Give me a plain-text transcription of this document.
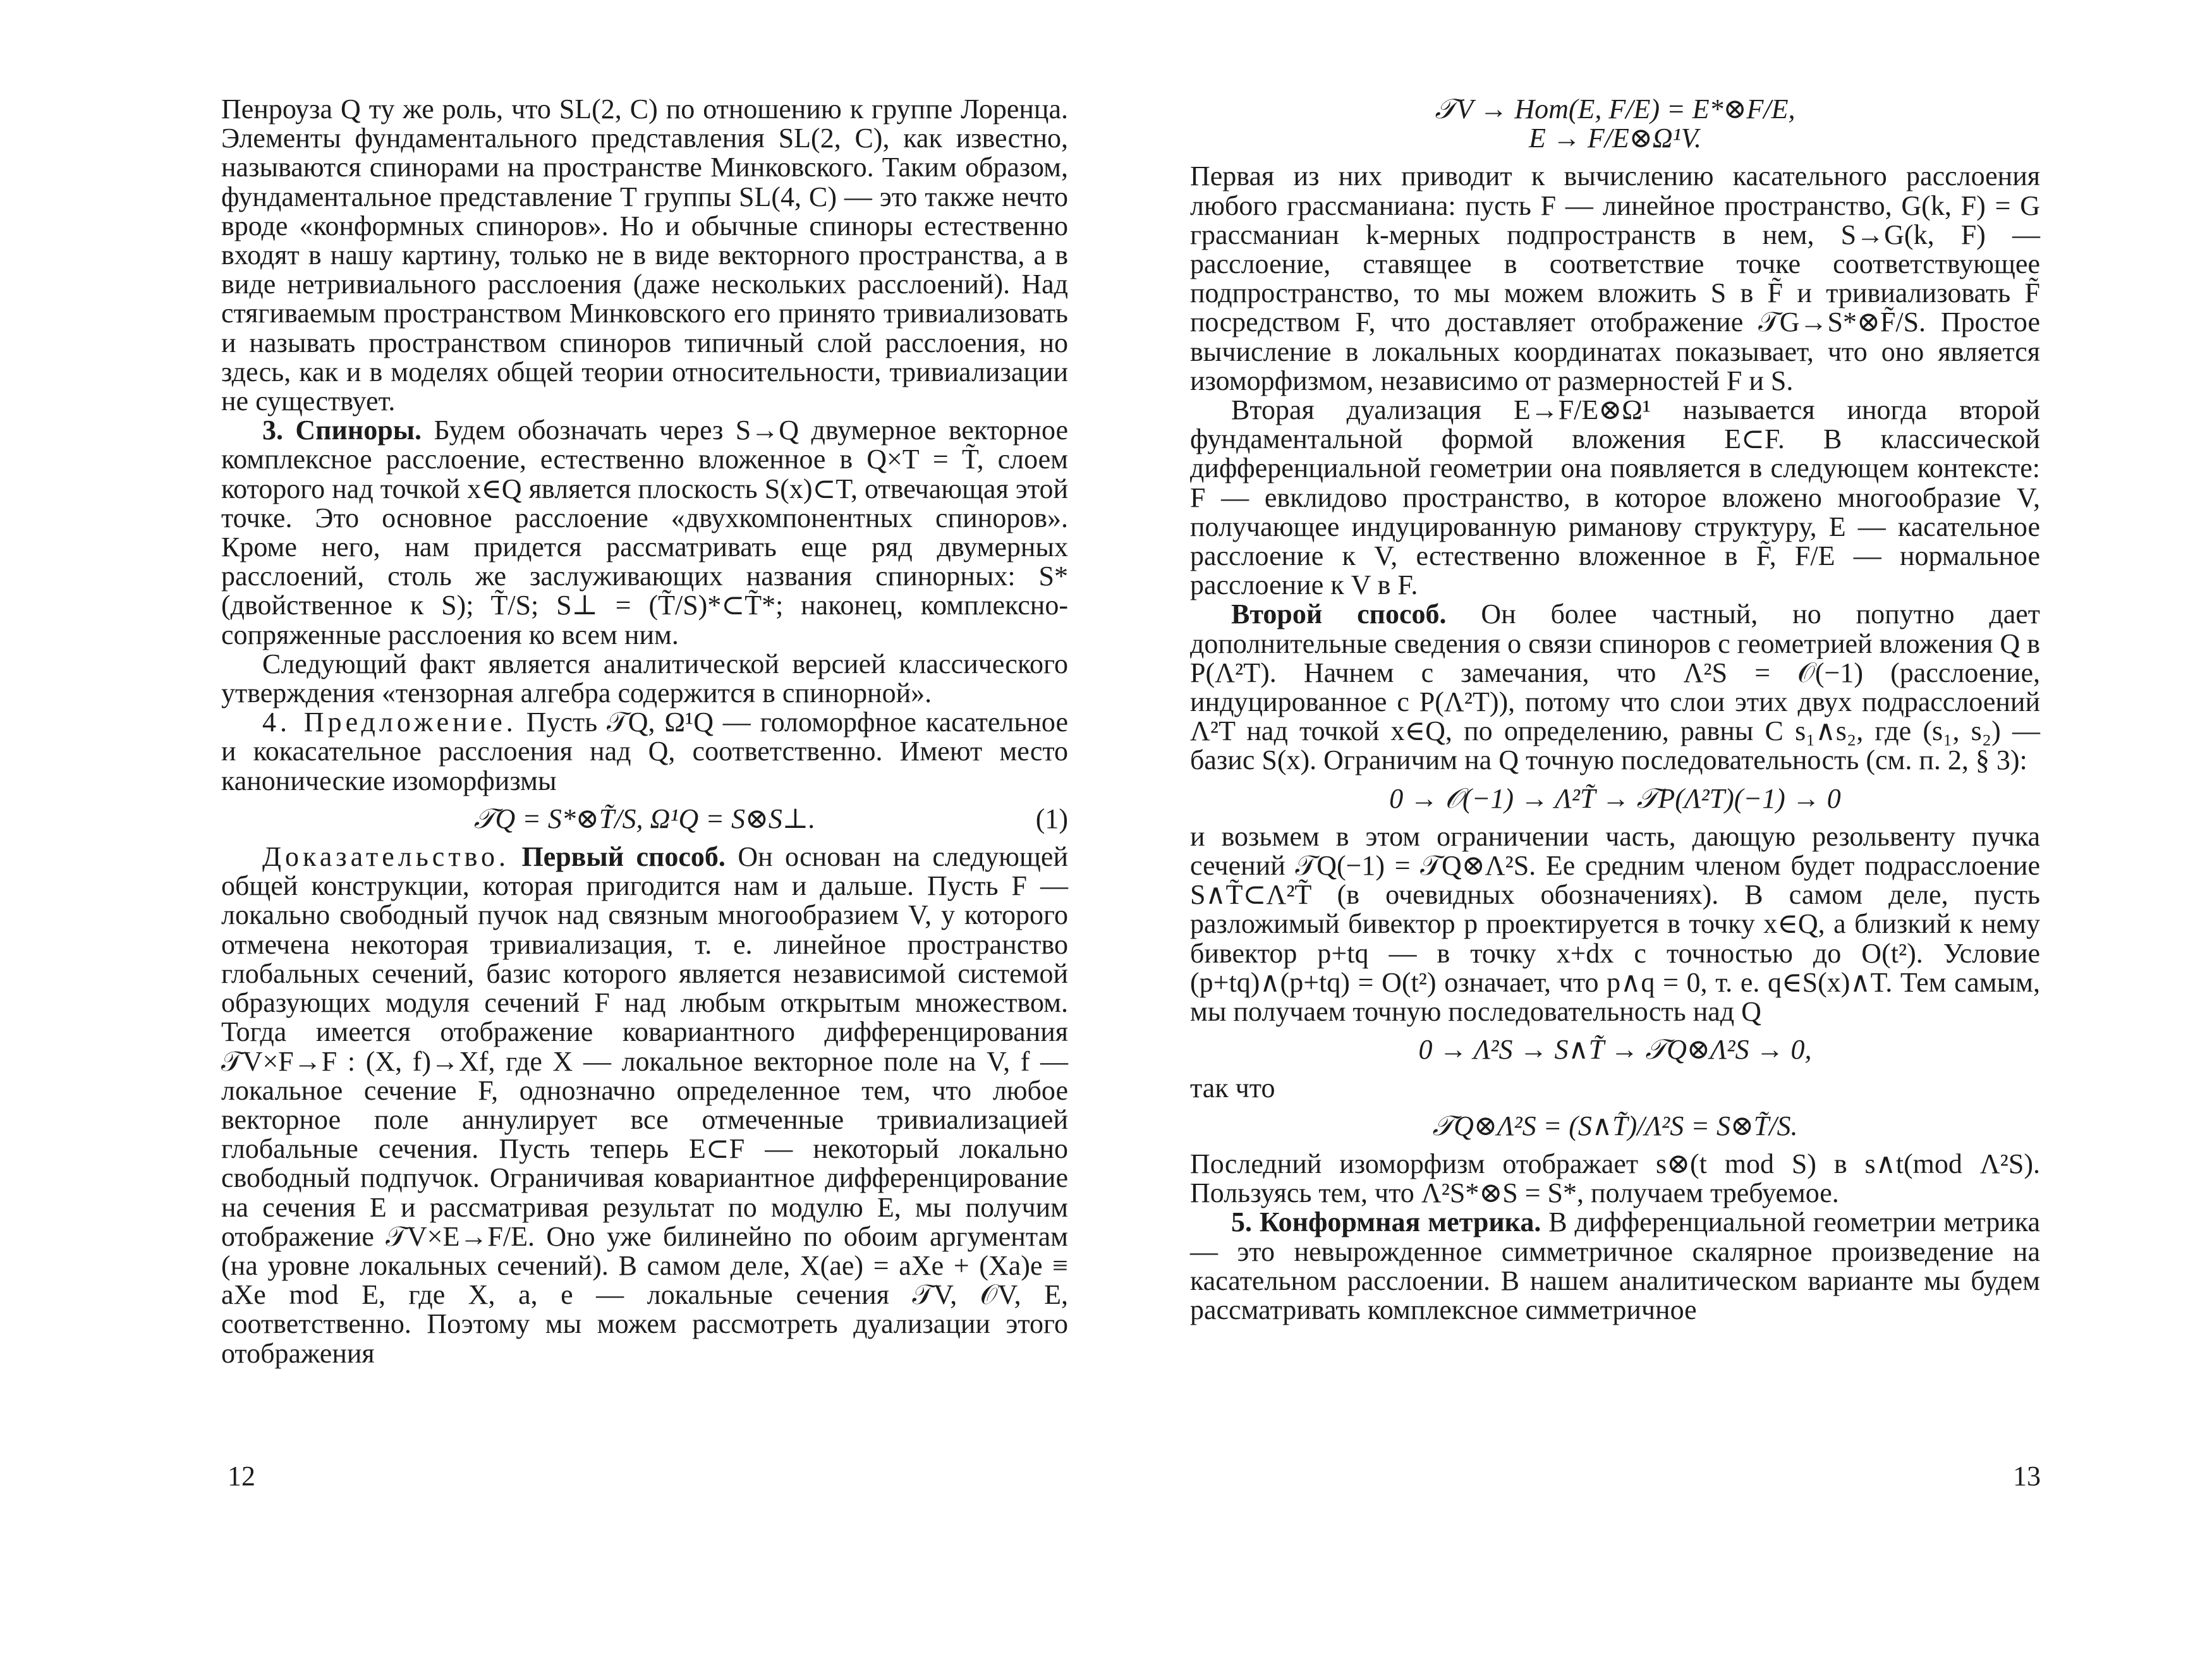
Пенроуза Q ту же роль, что SL(2, C) по отношению к группе Лоренца. Элементы фундаментального представления SL(2, C), как известно, называются спинорами на пространстве Минковского. Таким образом, фундаментальное представление T группы SL(4, C) — это также нечто вроде «конформных спиноров». Но и обычные спиноры естественно входят в нашу картину, только не в виде векторного пространства, а в виде нетривиального расслоения (даже нескольких расслоений). Над стягиваемым пространством Минковского его принято тривиализовать и называть пространством спиноров типичный слой расслоения, но здесь, как и в моделях общей теории относительности, тривиализации не существует.

3. Спиноры. Будем обозначать через S→Q двумерное векторное комплексное расслоение, естественно вложенное в Q×T = T̃, слоем которого над точкой x∈Q является плоскость S(x)⊂T, отвечающая этой точке. Это основное расслоение «двухкомпонентных спиноров». Кроме него, нам придется рассматривать еще ряд двумерных расслоений, столь же заслуживающих названия спинорных: S* (двойственное к S); T̃/S; S⊥ = (T̃/S)*⊂T̃*; наконец, комплексно-сопряженные расслоения ко всем ним.

Следующий факт является аналитической версией классического утверждения «тензорная алгебра содержится в спинорной».

4. Предложение. Пусть 𝒯Q, Ω¹Q — голоморфное касательное и кокасательное расслоения над Q, соответственно. Имеют место канонические изоморфизмы

𝒯Q = S*⊗T̃/S, Ω¹Q = S⊗S⊥.	(1)

Доказательство. Первый способ. Он основан на следующей общей конструкции, которая пригодится нам и дальше. Пусть F — локально свободный пучок над связным многообразием V, у которого отмечена некоторая тривиализация, т. е. линейное пространство глобальных сечений, базис которого является независимой системой образующих модуля сечений F над любым открытым множеством. Тогда имеется отображение ковариантного дифференцирования 𝒯V×F→F : (X, f)→Xf, где X — локальное векторное поле на V, f — локальное сечение F, однозначно определенное тем, что любое векторное поле аннулирует все отмеченные тривиализацией глобальные сечения. Пусть теперь E⊂F — некоторый локально свободный подпучок. Ограничивая ковариантное дифференцирование на сечения E и рассматривая результат по модулю E, мы получим отображение 𝒯V×E→F/E. Оно уже билинейно по обоим аргументам (на уровне локальных сечений). В самом деле, X(ae) = aXe + (Xa)e ≡ aXe mod E, где X, a, e — локальные сечения 𝒯V, 𝒪V, E, соответственно. Поэтому мы можем рассмотреть дуализации этого отображения

12

𝒯V → Hom(E, F/E) = E*⊗F/E,

E → F/E⊗Ω¹V.

Первая из них приводит к вычислению касательного расслоения любого грассманиана: пусть F — линейное пространство, G(k, F) = G грассманиан k-мерных подпространств в нем, S→G(k, F) — расслоение, ставящее в соответствие точке соответствующее подпространство, то мы можем вложить S в F̃ и тривиализовать F̃ посредством F, что доставляет отображение 𝒯G→S*⊗F̃/S. Простое вычисление в локальных координатах показывает, что оно является изоморфизмом, независимо от размерностей F и S.

Вторая дуализация E→F/E⊗Ω¹ называется иногда второй фундаментальной формой вложения E⊂F. В классической дифференциальной геометрии она появляется в следующем контексте: F — евклидово пространство, в которое вложено многообразие V, получающее индуцированную риманову структуру, E — касательное расслоение к V, естественно вложенное в F̃, F/E — нормальное расслоение к V в F.

Второй способ. Он более частный, но попутно дает дополнительные сведения о связи спиноров с геометрией вложения Q в P(Λ²T). Начнем с замечания, что Λ²S = 𝒪(−1) (расслоение, индуцированное с P(Λ²T)), потому что слои этих двух подрасслоений Λ²T над точкой x∈Q, по определению, равны C s₁∧s₂, где (s₁, s₂) — базис S(x). Ограничим на Q точную последовательность (см. п. 2, § 3):

0 → 𝒪(−1) → Λ²T̃ → 𝒯P(Λ²T)(−1) → 0

и возьмем в этом ограничении часть, дающую резольвенту пучка сечений 𝒯Q(−1) = 𝒯Q⊗Λ²S. Ее средним членом будет подрасслоение S∧T̃⊂Λ²T̃ (в очевидных обозначениях). В самом деле, пусть разложимый бивектор p проектируется в точку x∈Q, а близкий к нему бивектор p+tq — в точку x+dx с точностью до O(t²). Условие (p+tq)∧(p+tq) = O(t²) означает, что p∧q = 0, т. е. q∈S(x)∧T. Тем самым, мы получаем точную последовательность над Q

0 → Λ²S → S∧T̃ → 𝒯Q⊗Λ²S → 0,

так что

𝒯Q⊗Λ²S = (S∧T̃)/Λ²S = S⊗T̃/S.

Последний изоморфизм отображает s⊗(t mod S) в s∧t(mod Λ²S). Пользуясь тем, что Λ²S*⊗S = S*, получаем требуемое.

5. Конформная метрика. В дифференциальной геометрии метрика — это невырожденное симметричное скалярное произведение на касательном расслоении. В нашем аналитическом варианте мы будем рассматривать комплексное симметричное

13
